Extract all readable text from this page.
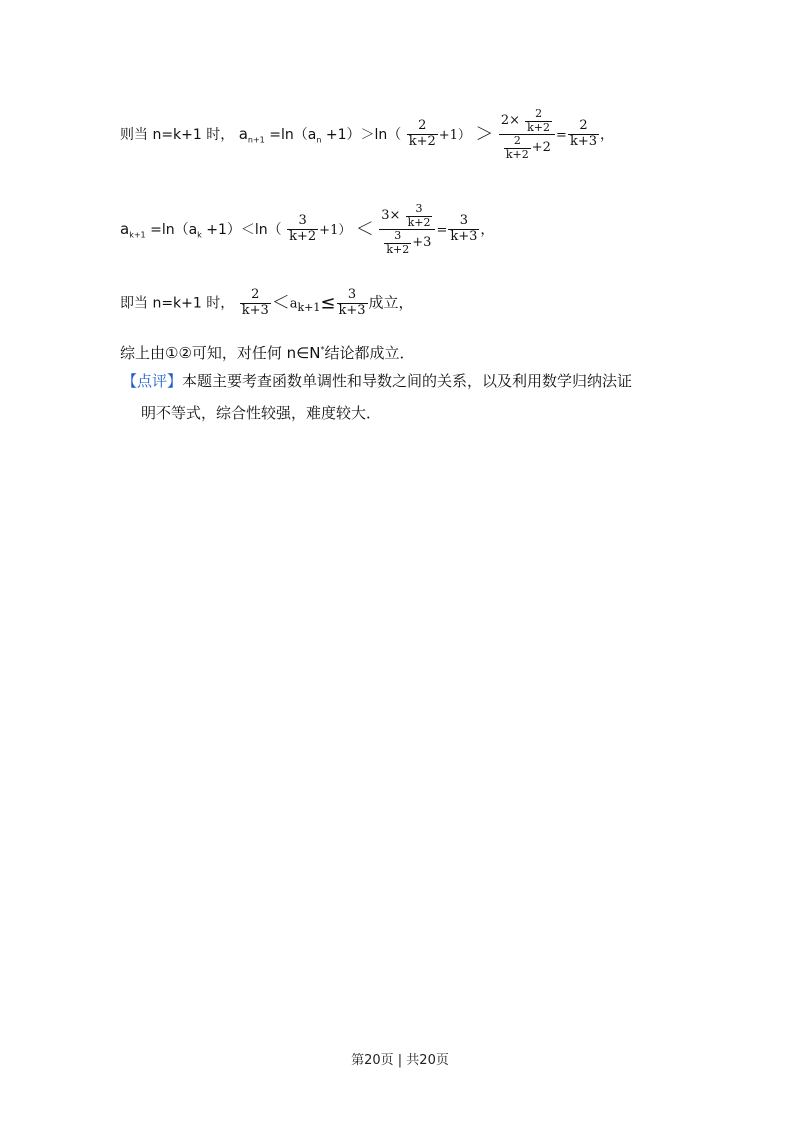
则当 n=k+1 时， $a_{n+1} =\ln(a_n +1)>\ln( \frac{2}{k+2} +1) > \frac{2\times \frac{2}{k+2}}{\frac{2}{k+2} +2} = \frac{2}{k+3}$ ，
$a_{k+1} =\ln(a_k +1)<\ln( \frac{3}{k+2} +1) < \frac{3\times \frac{3}{k+2}}{\frac{3}{k+2} +3} = \frac{3}{k+3}$ ，
即当 n=k+1 时， $\frac{2}{k+3} <a_{k+1}\le \frac{3}{k+3}$ 成立，
综上由①②可知，对任何 n∈N*结论都成立．
【点评】本题主要考查函数单调性和导数之间的关系，以及利用数学归纳法证
明不等式，综合性较强，难度较大．
第20页 | 共20页
